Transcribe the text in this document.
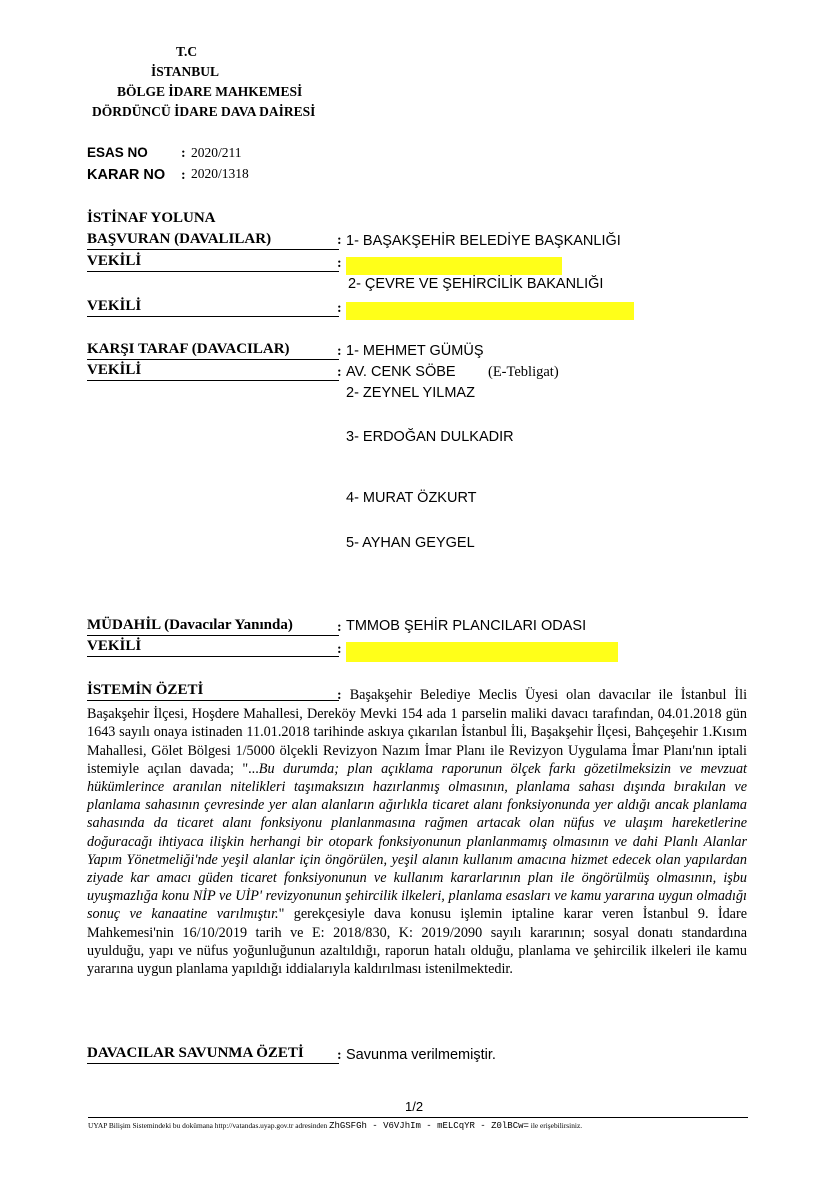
T.C
İSTANBUL
BÖLGE İDARE MAHKEMESİ
DÖRDÜNCÜ İDARE DAVA DAİRESİ
ESAS NO : 2020/211
KARAR NO : 2020/1318
İSTİNAF YOLUNA
BAŞVURAN (DAVALILAR)	: 1- BAŞAKŞEHİR BELEDİYE BAŞKANLIĞI
VEKİLİ	:
2- ÇEVRE VE ŞEHİRCİLİK BAKANLIĞI
VEKİLİ	:
KARŞI TARAF (DAVACILAR)	: 1- MEHMET GÜMÜŞ
VEKİLİ	: AV. CENK SÖBE (E-Tebligat)
2- ZEYNEL YILMAZ
3- ERDOĞAN DULKADIR
4- MURAT ÖZKURT
5- AYHAN GEYGEL
MÜDAHİL (Davacılar Yanında)	: TMMOB ŞEHİR PLANCILARI ODASI
VEKİLİ	:
İSTEMİN ÖZETİ	: Başakşehir Belediye Meclis Üyesi olan davacılar ile İstanbul İli Başakşehir İlçesi, Hoşdere Mahallesi, Dereköy Mevki 154 ada 1 parselin maliki davacı tarafından, 04.01.2018 gün 1643 sayılı onaya istinaden 11.01.2018 tarihinde askıya çıkarılan İstanbul İli, Başakşehir İlçesi, Bahçeşehir 1.Kısım Mahallesi, Gölet Bölgesi 1/5000 ölçekli Revizyon Nazım İmar Planı ile Revizyon Uygulama İmar Planı'nın iptali istemiyle açılan davada; "...Bu durumda; plan açıklama raporunun ölçek farkı gözetilmeksizin ve mevzuat hükümlerince aranılan nitelikleri taşımaksızın hazırlanmış olmasının, planlama sahası dışında bırakılan ve planlama sahasının çevresinde yer alan alanların ağırlıkla ticaret alanı fonksiyonunda yer aldığı ancak planlama sahasında da ticaret alanı fonksiyonu planlanmasına rağmen artacak olan nüfus ve ulaşım hareketlerine doğuracağı ihtiyaca ilişkin herhangi bir otopark fonksiyonunun planlanmamış olmasının ve dahi Planlı Alanlar Yapım Yönetmeliği'nde yeşil alanlar için öngörülen, yeşil alanın kullanım amacına hizmet edecek olan yapılardan ziyade kar amacı güden ticaret fonksiyonunun ve kullanım kararlarının plan ile öngörülmüş olmasının, işbu uyuşmazlığa konu NİP ve UİP' revizyonunun şehircilik ilkeleri, planlama esasları ve kamu yararına uygun olmadığı sonuç ve kanaatine varılmıştır." gerekçesiyle dava konusu işlemin iptaline karar veren İstanbul 9. İdare Mahkemesi'nin 16/10/2019 tarih ve E: 2018/830, K: 2019/2090 sayılı kararının; sosyal donatı standardına uyulduğu, yapı ve nüfus yoğunluğunun azaltıldığı, raporun hatalı olduğu, planlama ve şehircilik ilkeleri ile kamu yararına uygun planlama yapıldığı iddialarıyla kaldırılması istenilmektedir.
DAVACILAR SAVUNMA ÖZETİ	: Savunma verilmemiştir.
1/2
UYAP Bilişim Sistemindeki bu dokümana http://vatandas.uyap.gov.tr adresinden ZhGSFGh - V6VJhIm - mELCqYR - Z0lBCw= ile erişebilirsiniz.
